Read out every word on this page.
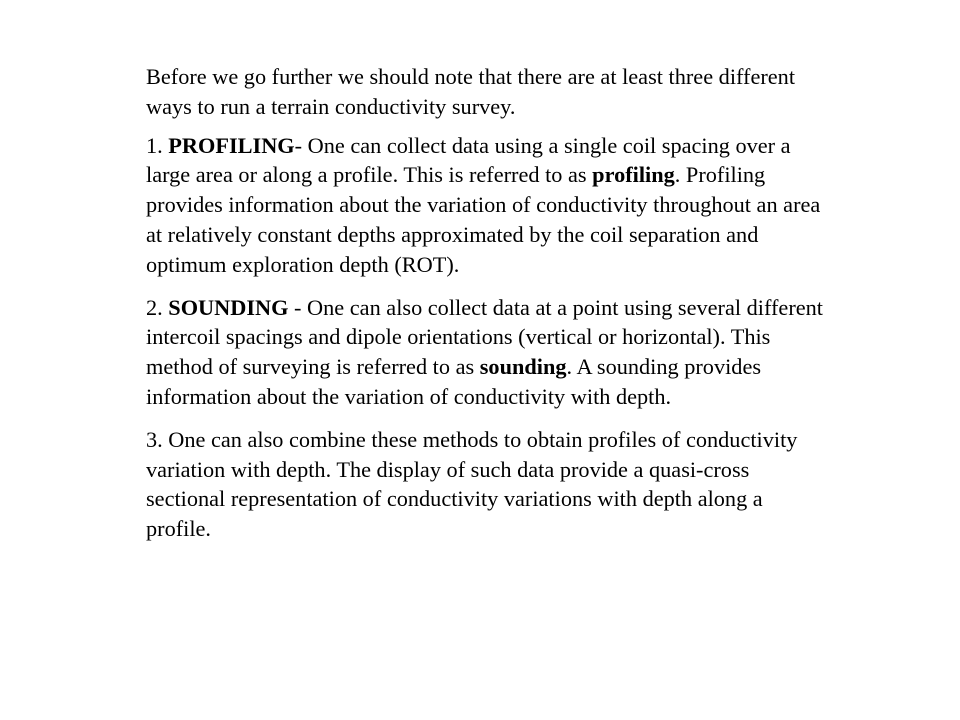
Before we go further we should note that there are at least three different ways to run a terrain conductivity survey.

1. PROFILING- One can collect data using a single coil spacing over a large area or along a profile. This is referred to as profiling. Profiling provides information about the variation of conductivity throughout an area at relatively constant depths approximated by the coil separation and optimum exploration depth (ROT).

2. SOUNDING - One can also collect data at a point using several different intercoil spacings and dipole orientations (vertical or horizontal). This method of surveying is referred to as sounding. A sounding provides information about the variation of conductivity with depth.

3. One can also combine these methods to obtain profiles of conductivity variation with depth. The display of such data provide a quasi-cross sectional representation of conductivity variations with depth along a profile.
